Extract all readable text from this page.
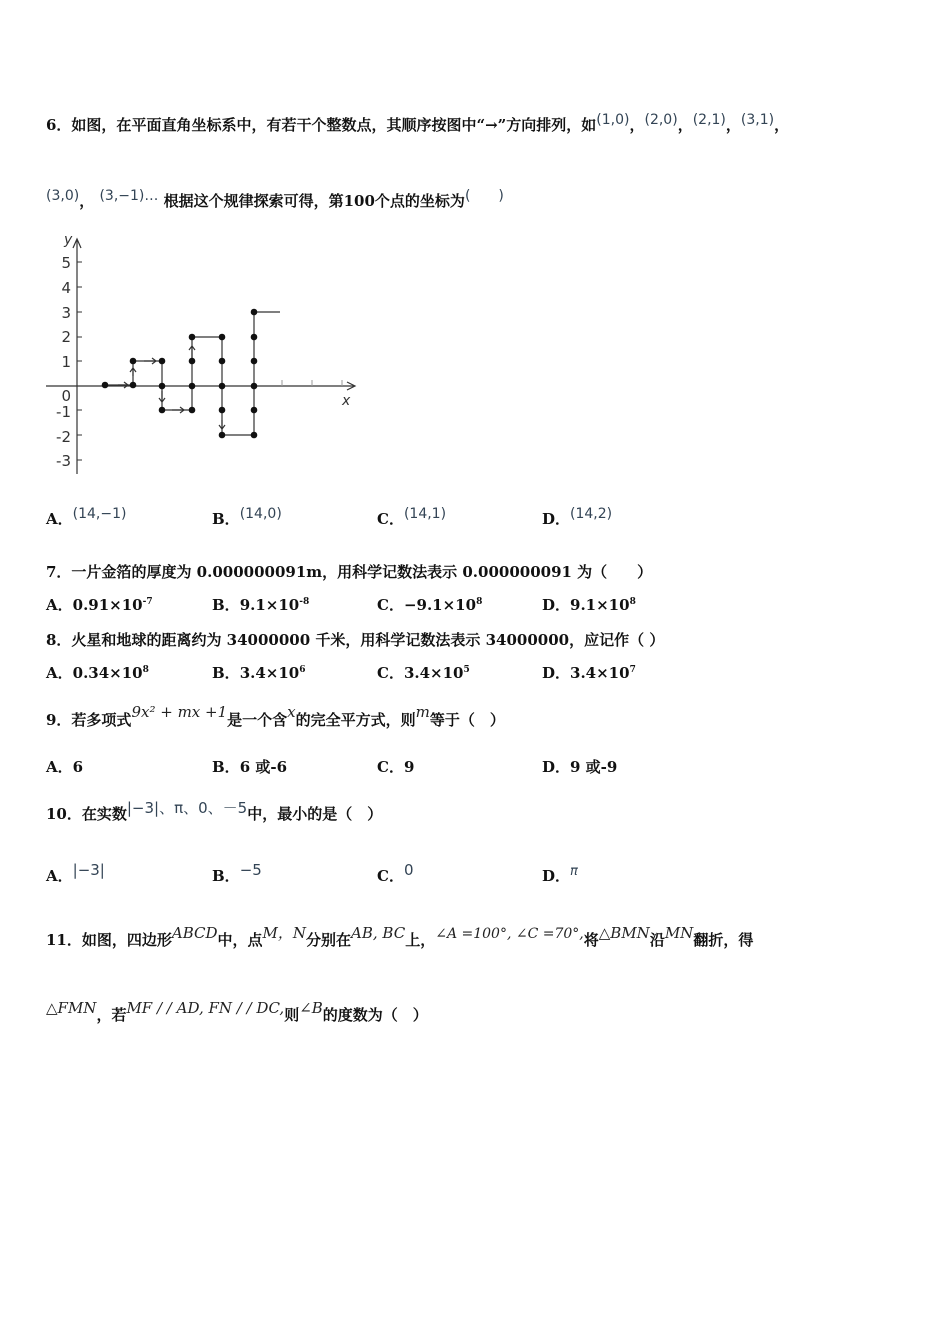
6．如图，在平面直角坐标系中，有若干个整数点，其顺序按图中“→”方向排列，如(1,0)，(2,0)，(2,1)，(3,1)，
(3,0)， (3,−1)… 根据这个规律探索可得，第100个点的坐标为(　　)
5
4
3
2
1
0
-1
-2
-3
y
x
A．(14,−1)	B．(14,0)	C．(14,1)	D．(14,2)
7．一片金箔的厚度为 0.000000091m，用科学记数法表示 0.000000091 为（　　）
A．$0.91\times 10^{-7}$	B．$9.1\times 10^{-8}$	C．$-9.1\times 10^8$	D．$9.1\times 10^8$
8．火星和地球的距离约为 34000000 千米，用科学记数法表示 34000000，应记作（ ）
A．$0.34\times 10^8$	B．$3.4\times 10^6$	C．$3.4\times 10^5$	D．$3.4\times 10^7$
9．若多项式9x² + mx +1是一个含x的完全平方式，则m等于（　）
A．6	B．6 或-6	C．9	D．9 或-9
10．在实数|−3|、π、0、－5中，最小的是（　）
A．|−3|	B．−5	C．0	D．π
11．如图，四边形ABCD中，点M，N分别在AB, BC上，∠A =100°, ∠C =70°,将△BMN沿MN翻折，得
△FMN，若MF / / AD, FN / / DC,则∠B的度数为（　）
